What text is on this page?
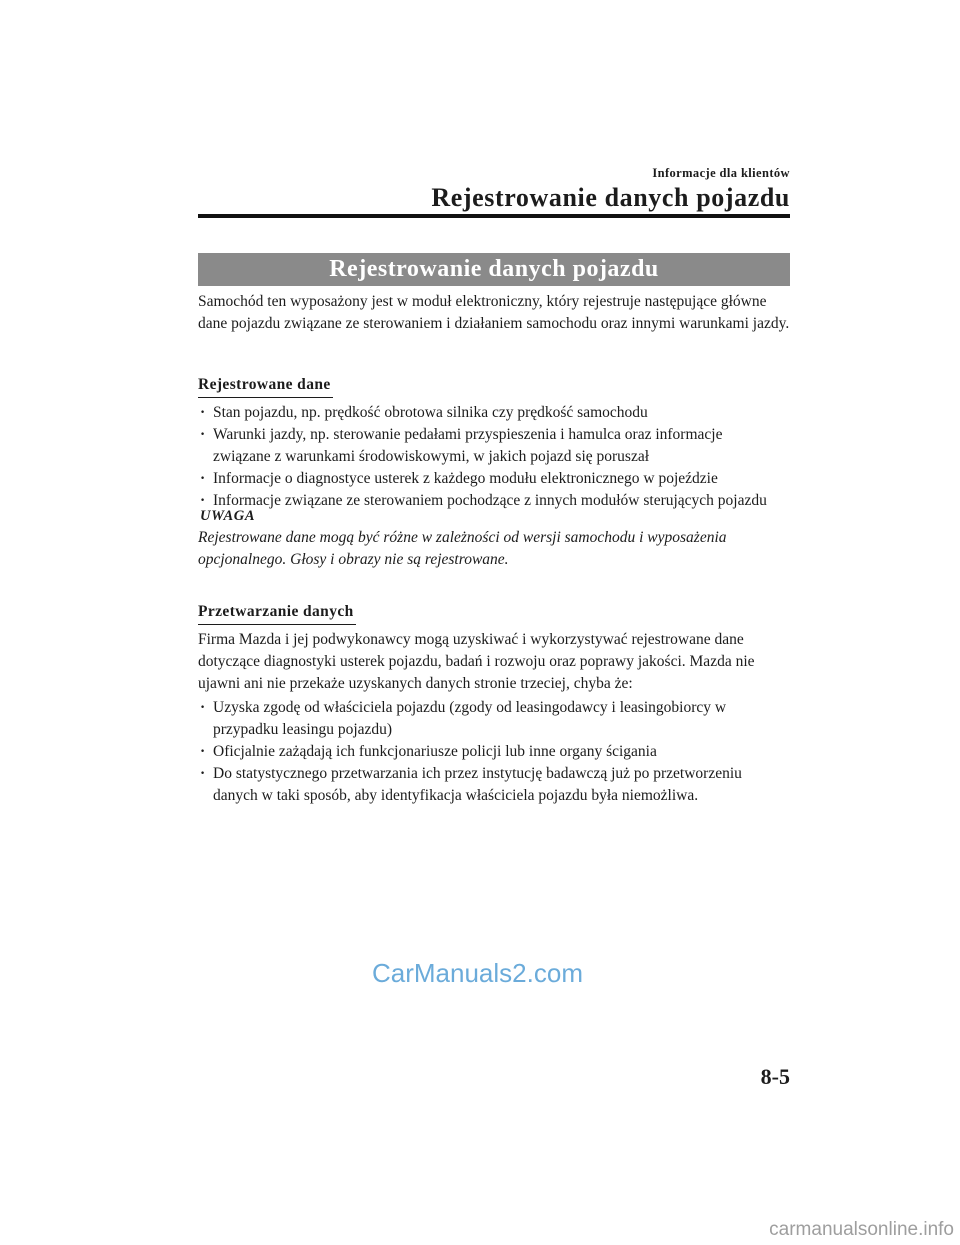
Informacje dla klientów
Rejestrowanie danych pojazdu
Rejestrowanie danych pojazdu

Samochód ten wyposażony jest w moduł elektroniczny, który rejestruje następujące główne dane pojazdu związane ze sterowaniem i działaniem samochodu oraz innymi warunkami jazdy.

Rejestrowane dane
· Stan pojazdu, np. prędkość obrotowa silnika czy prędkość samochodu
· Warunki jazdy, np. sterowanie pedałami przyspieszenia i hamulca oraz informacje związane z warunkami środowiskowymi, w jakich pojazd się poruszał
· Informacje o diagnostyce usterek z każdego modułu elektronicznego w pojeździe
· Informacje związane ze sterowaniem pochodzące z innych modułów sterujących pojazdu
UWAGA

Rejestrowane dane mogą być różne w zależności od wersji samochodu i wyposażenia opcjonalnego. Głosy i obrazy nie są rejestrowane.

Przetwarzanie danych

Firma Mazda i jej podwykonawcy mogą uzyskiwać i wykorzystywać rejestrowane dane dotyczące diagnostyki usterek pojazdu, badań i rozwoju oraz poprawy jakości. Mazda nie ujawni ani nie przekaże uzyskanych danych stronie trzeciej, chyba że:

· Uzyska zgodę od właściciela pojazdu (zgody od leasingodawcy i leasingobiorcy w przypadku leasingu pojazdu)
· Oficjalnie zażądają ich funkcjonariusze policji lub inne organy ścigania
· Do statystycznego przetwarzania ich przez instytucję badawczą już po przetworzeniu danych w taki sposób, aby identyfikacja właściciela pojazdu była niemożliwa.
CarManuals2.com
8-5
carmanualsonline.info
